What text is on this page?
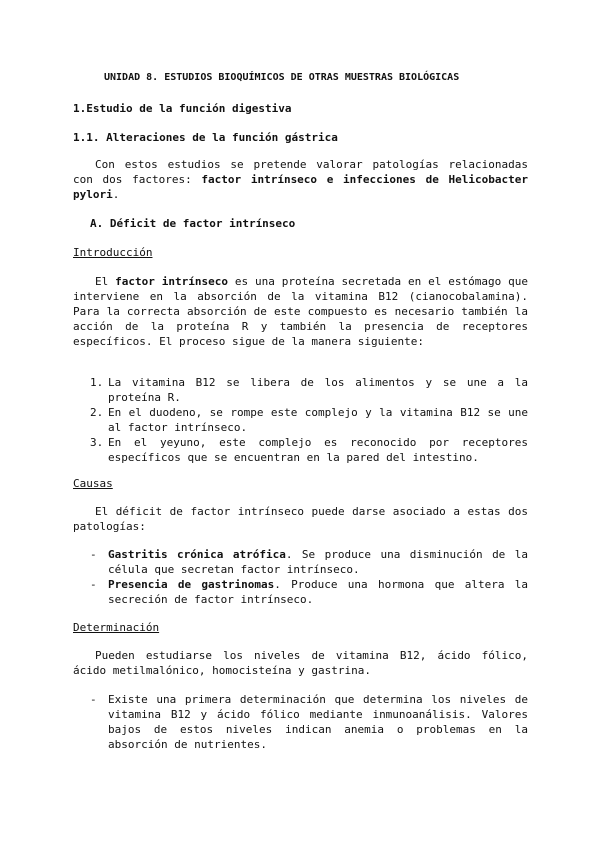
UNIDAD 8. ESTUDIOS BIOQUÍMICOS DE OTRAS MUESTRAS BIOLÓGICAS
1.Estudio de la función digestiva
1.1. Alteraciones de la función gástrica
Con estos estudios se pretende valorar patologías relacionadas con dos factores: factor intrínseco e infecciones de Helicobacter pylori.
A. Déficit de factor intrínseco
Introducción
El factor intrínseco es una proteína secretada en el estómago que interviene en la absorción de la vitamina B12 (cianocobalamina). Para la correcta absorción de este compuesto es necesario también la acción de la proteína R y también la presencia de receptores específicos. El proceso sigue de la manera siguiente:
1. La vitamina B12 se libera de los alimentos y se une a la proteína R.
2. En el duodeno, se rompe este complejo y la vitamina B12 se une al factor intrínseco.
3. En el yeyuno, este complejo es reconocido por receptores específicos que se encuentran en la pared del intestino.
Causas
El déficit de factor intrínseco puede darse asociado a estas dos patologías:
- Gastritis crónica atrófica. Se produce una disminución de la célula que secretan factor intrínseco.
- Presencia de gastrinomas. Produce una hormona que altera la secreción de factor intrínseco.
Determinación
Pueden estudiarse los niveles de vitamina B12, ácido fólico, ácido metilmalónico, homocisteína y gastrina.
- Existe una primera determinación que determina los niveles de vitamina B12 y ácido fólico mediante inmunoanálisis. Valores bajos de estos niveles indican anemia o problemas en la absorción de nutrientes.
